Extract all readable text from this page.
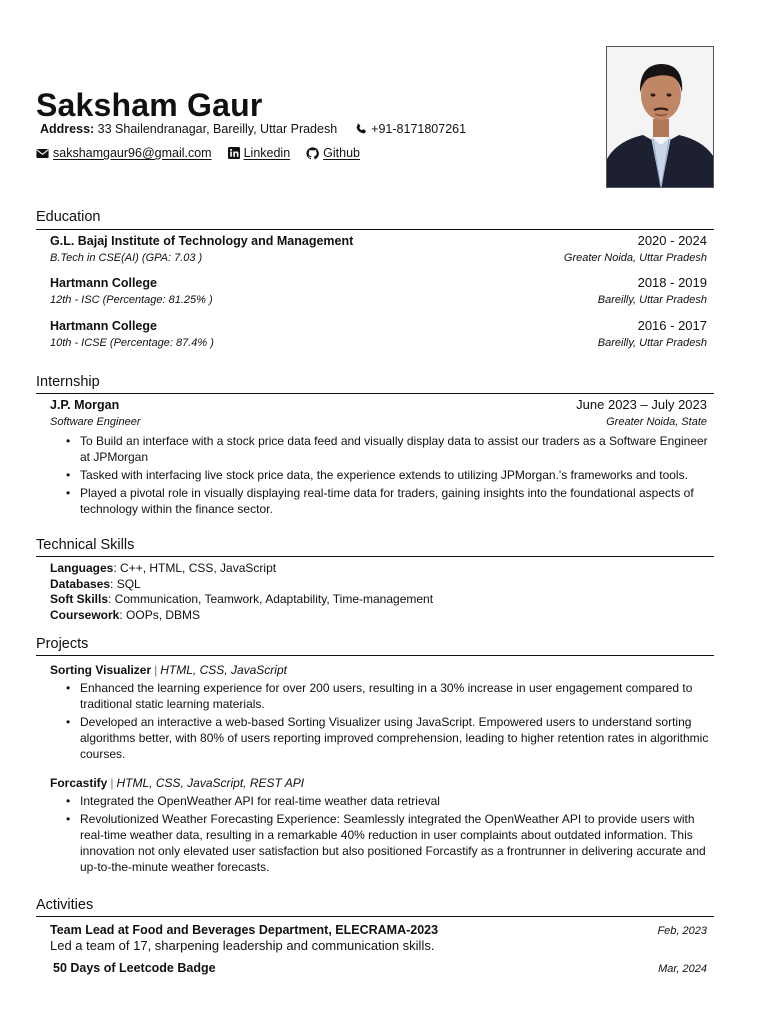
Saksham Gaur
Address:
33 Shailendranagar, Bareilly, Uttar Pradesh	+91-8171807261
sakshamgaur96@gmail.com	Linkedin	Github
Education
G.L. Bajaj Institute of Technology and Management	2020 - 2024
B.Tech in CSE(AI) (GPA: 7.03 )	Greater Noida, Uttar Pradesh
Hartmann College	2018 - 2019
12th - ISC (Percentage: 81.25% )	Bareilly, Uttar Pradesh
Hartmann College	2016 - 2017
10th - ICSE (Percentage: 87.4% )	Bareilly, Uttar Pradesh
Internship
J.P. Morgan	June 2023 – July 2023
Software Engineer	Greater Noida, State
• To Build an interface with a stock price data feed and visually display data to assist our traders as a Software Engineer at JPMorgan
• Tasked with interfacing live stock price data, the experience extends to utilizing JPMorgan.'s frameworks and tools.
• Played a pivotal role in visually displaying real-time data for traders, gaining insights into the foundational aspects of technology within the finance sector.
Technical Skills
Languages: C++, HTML, CSS, JavaScript
Databases: SQL
Soft Skills: Communication, Teamwork, Adaptability, Time-management
Coursework: OOPs, DBMS
Projects
Sorting Visualizer | HTML, CSS, JavaScript
• Enhanced the learning experience for over 200 users, resulting in a 30% increase in user engagement compared to traditional static learning materials.
• Developed an interactive a web-based Sorting Visualizer using JavaScript. Empowered users to understand sorting algorithms better, with 80% of users reporting improved comprehension, leading to higher retention rates in algorithmic courses.
Forcastify | HTML, CSS, JavaScript, REST API
• Integrated the OpenWeather API for real-time weather data retrieval
• Revolutionized Weather Forecasting Experience: Seamlessly integrated the OpenWeather API to provide users with real-time weather data, resulting in a remarkable 40% reduction in user complaints about outdated information. This innovation not only elevated user satisfaction but also positioned Forcastify as a frontrunner in delivering accurate and up-to-the-minute weather forecasts.
Activities
Team Lead at Food and Beverages Department, ELECRAMA-2023	Feb, 2023
Led a team of 17, sharpening leadership and communication skills.
50 Days of Leetcode Badge	Mar, 2024
